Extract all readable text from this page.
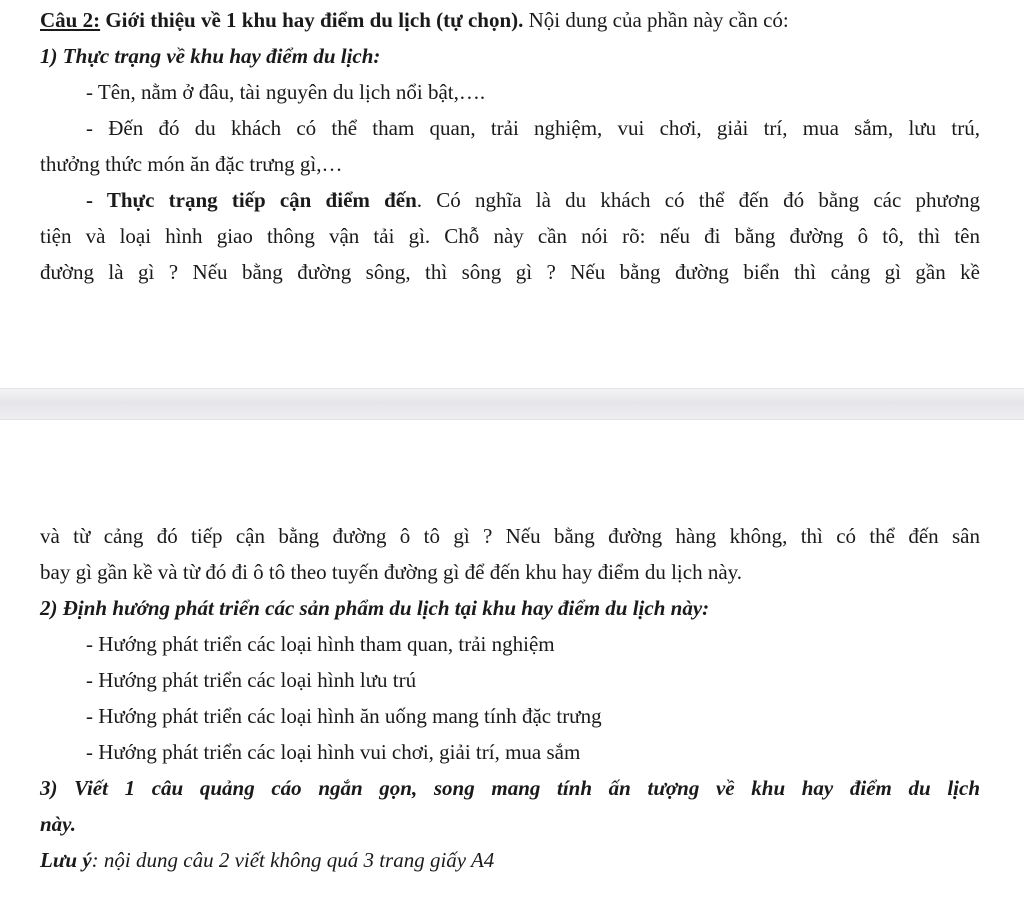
Câu 2: Giới thiệu về 1 khu hay điểm du lịch (tự chọn). Nội dung của phần này cần có:

1) Thực trạng về khu hay điểm du lịch:

- Tên, nằm ở đâu, tài nguyên du lịch nổi bật,….

- Đến đó du khách có thể tham quan, trải nghiệm, vui chơi, giải trí, mua sắm, lưu trú,

thưởng thức món ăn đặc trưng gì,…

- Thực trạng tiếp cận điểm đến. Có nghĩa là du khách có thể đến đó bằng các phương

tiện và loại hình giao thông vận tải gì. Chỗ này cần nói rõ: nếu đi bằng đường ô tô, thì tên

đường là gì ? Nếu bằng đường sông, thì sông gì ? Nếu bằng đường biển thì cảng gì gần kề

và từ cảng đó tiếp cận bằng đường ô tô gì ? Nếu bằng đường hàng không, thì có thể đến sân

bay gì gần kề và từ đó đi ô tô theo tuyến đường gì để đến khu hay điểm du lịch này.

2) Định hướng phát triển các sản phẩm du lịch tại khu hay điểm du lịch này:

- Hướng phát triển các loại hình tham quan, trải nghiệm

- Hướng phát triển các loại hình lưu trú

- Hướng phát triển các loại hình ăn uống mang tính đặc trưng

- Hướng phát triển các loại hình vui chơi, giải trí, mua sắm

3) Viết 1 câu quảng cáo ngắn gọn, song mang tính ấn tượng về khu hay điểm du lịch

này.

Lưu ý: nội dung câu 2 viết không quá 3 trang giấy A4
